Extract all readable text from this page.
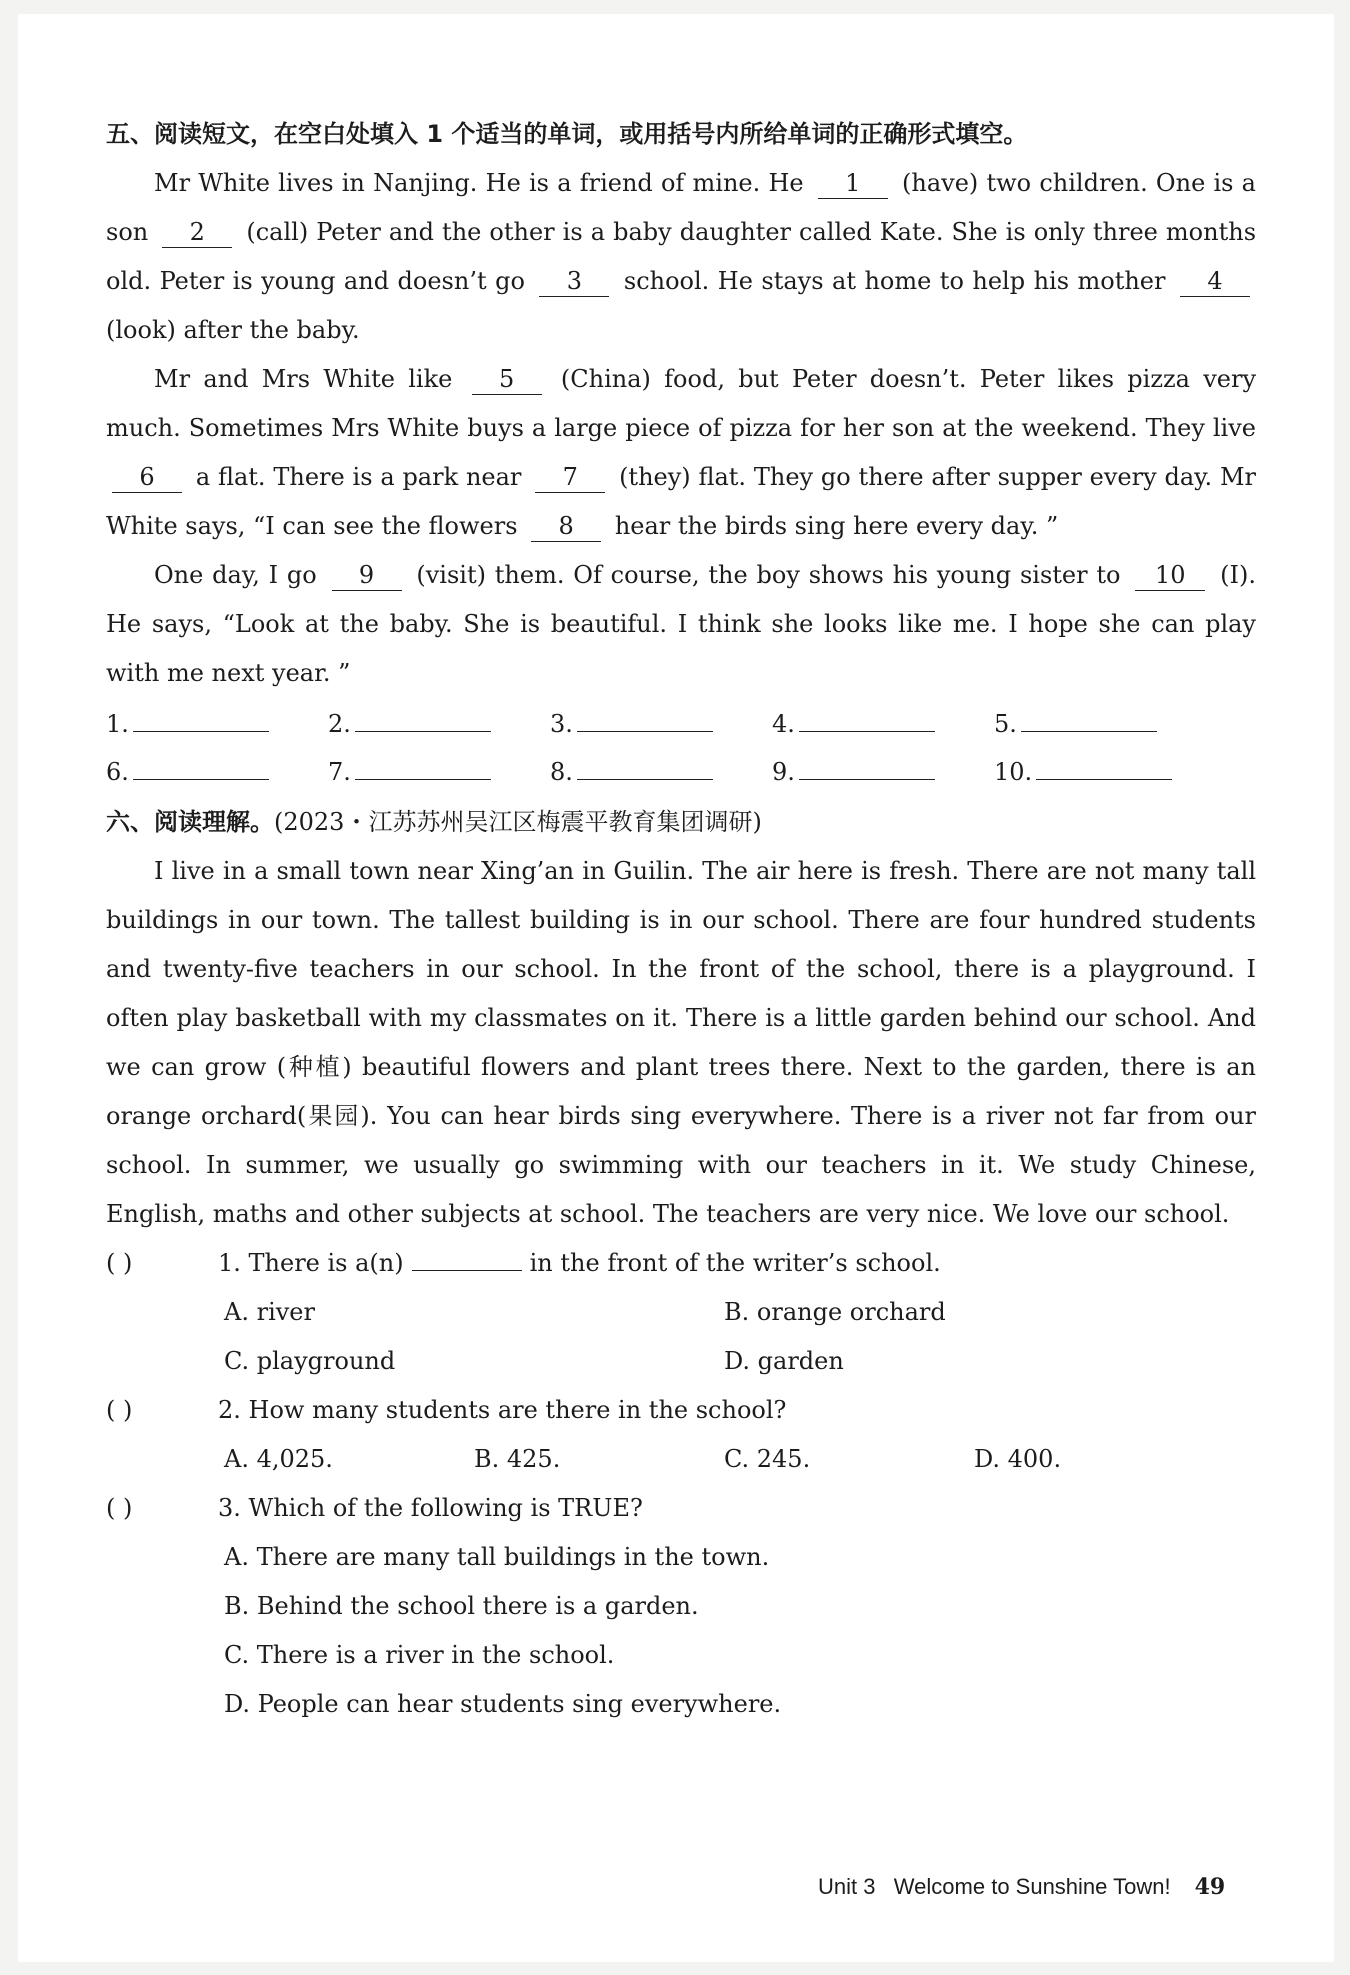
五、阅读短文，在空白处填入 1 个适当的单词，或用括号内所给单词的正确形式填空。

Mr White lives in Nanjing. He is a friend of mine. He 1 (have) two children. One is a son 2 (call) Peter and the other is a baby daughter called Kate. She is only three months old. Peter is young and doesn’t go 3 school. He stays at home to help his mother 4 (look) after the baby.

Mr and Mrs White like 5 (China) food, but Peter doesn’t. Peter likes pizza very much. Sometimes Mrs White buys a large piece of pizza for her son at the weekend. They live 6 a flat. There is a park near 7 (they) flat. They go there after supper every day. Mr White says, “I can see the flowers 8 hear the birds sing here every day. ”

One day, I go 9 (visit) them. Of course, the boy shows his young sister to 10 (I). He says, “Look at the baby. She is beautiful. I think she looks like me. I hope she can play with me next year. ”

1.	2.	3.	4.	5.
6.	7.	8.	9.	10.
六、阅读理解。(2023・江苏苏州吴江区梅震平教育集团调研)

I live in a small town near Xing’an in Guilin. The air here is fresh. There are not many tall buildings in our town. The tallest building is in our school. There are four hundred students and twenty-five teachers in our school. In the front of the school, there is a playground. I often play basketball with my classmates on it. There is a little garden behind our school. And we can grow (种植) beautiful flowers and plant trees there. Next to the garden, there is an orange orchard(果园). You can hear birds sing everywhere. There is a river not far from our school. In summer, we usually go swimming with our teachers in it. We study Chinese, English, maths and other subjects at school. The teachers are very nice. We love our school.

( )	1. There is a(n)	in the front of the writer’s school.
A. river	B. orange orchard
C. playground	D. garden
( )	2. How many students are there in the school?
A. 4,025.	B. 425.	C. 245.	D. 400.
( )	3. Which of the following is TRUE?
A. There are many tall buildings in the town.
B. Behind the school there is a garden.
C. There is a river in the school.
D. People can hear students sing everywhere.
Unit 3   Welcome to Sunshine Town! 49
